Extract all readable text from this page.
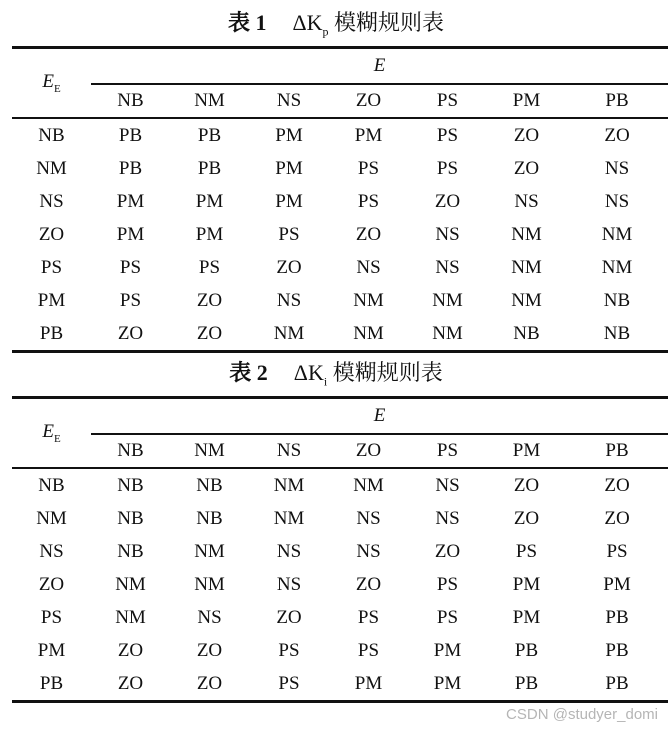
表 1 $\Delta K_p$ 模糊规则表
$E_E$	E						
	NB	NM	NS	ZO	PS	PM	PB
NB	PB	PB	PM	PM	PS	ZO	ZO
NM	PB	PB	PM	PS	PS	ZO	NS
NS	PM	PM	PM	PS	ZO	NS	NS
ZO	PM	PM	PS	ZO	NS	NM	NM
PS	PS	PS	ZO	NS	NS	NM	NM
PM	PS	ZO	NS	NM	NM	NM	NB
PB	ZO	ZO	NM	NM	NM	NB	NB
表 2 $\Delta K_i$ 模糊规则表
$E_E$	E						
	NB	NM	NS	ZO	PS	PM	PB
NB	NB	NB	NM	NM	NS	ZO	ZO
NM	NB	NB	NM	NS	NS	ZO	ZO
NS	NB	NM	NS	NS	ZO	PS	PS
ZO	NM	NM	NS	ZO	PS	PM	PM
PS	NM	NS	ZO	PS	PS	PM	PB
PM	ZO	ZO	PS	PS	PM	PB	PB
PB	ZO	ZO	PS	PM	PM	PB	PB
CSDN @studyer_domi
